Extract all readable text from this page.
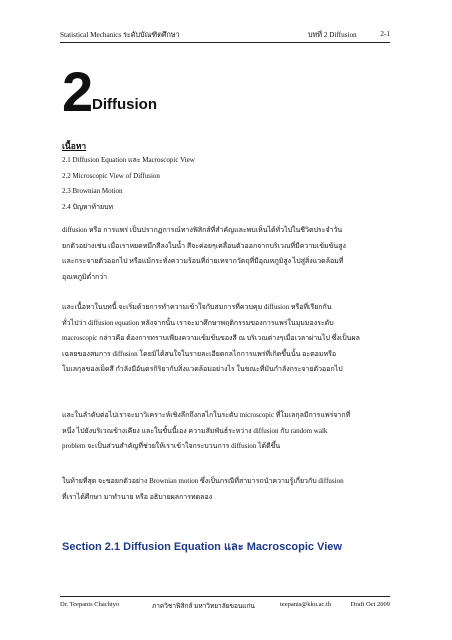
Statistical Mechanics ระดับบัณฑิตศึกษา	บทที่ 2 Diffusion	2-1
2 Diffusion
เนื้อหา
2.1 Diffusion Equation และ Macroscopic View
2.2 Microscopic View of Diffusion
2.3 Brownian Motion
2.4 ปัญหาท้ายบท
diffusion หรือ การแพร่ เป็นปรากฏการณ์ทางฟิสิกส์ที่สำคัญและพบเห็นได้ทั่วไปในชีวิตประจำวัน
ยกตัวอย่างเช่น เมื่อเราหยดหมึกสีลงในน้ำ สีจะค่อยๆเคลื่อนตัวออกจากบริเวณที่มีความเข้มข้นสูง
และกระจายตัวออกไป หรือแม้กระทั่งความร้อนที่ถ่ายเทจากวัตถุที่มีอุณหภูมิสูง ไปสู่สิ่งแวดล้อมที่
อุณหภูมิต่ำกว่า
และเนื้อหาในบทนี้ จะเริ่มด้วยการทำความเข้าใจกับสมการที่ควบคุม diffusion หรือที่เรียกกัน
ทั่วไปว่า diffusion equation หลังจากนั้น เราจะมาศึกษาพฤติกรรมของการแพร่ในมุมมองระดับ
macroscopic กล่าวคือ ต้องการทราบเพียงความเข้มข้นของสี ณ บริเวณต่างๆเมื่อเวลาผ่านไป ซึ่งเป็นผล
เฉลยของสมการ diffusion โดยมิได้สนใจในรายละเอียดกลไกการแพร่ที่เกิดขึ้นนั้น อะตอมหรือ
โมเลกุลของเม็ดสี กำลังมีอันตรกิริยากับสิ่งแวดล้อมอย่างไร ในขณะที่มันกำลังกระจายตัวออกไป
และในลำดับต่อไปเราจะมาวิเคราะห์เชิงลึกถึงกลไกในระดับ microscopic ที่โมเลกุลมีการแพร่จากที่
หนึ่ง ไปยังบริเวณข้างเคียง และในขั้นนี้เอง ความสัมพันธ์ระหว่าง diffusion กับ random walk
problem จะเป็นส่วนสำคัญที่ช่วยให้เราเข้าใจกระบวนการ diffusion ได้ดีขึ้น
ในท้ายที่สุด จะขอยกตัวอย่าง Brownian motion ซึ่งเป็นกรณีที่สามารถนำความรู้เกี่ยวกับ diffusion
ที่เราได้ศึกษา มาทำนาย หรือ อธิบายผลการทดลอง
Section 2.1 Diffusion Equation และ Macroscopic View
Dr. Teepanis Chachiyo	ภาควิชาฟิสิกส์ มหาวิทยาลัยขอนแก่น	teepanis@kku.ac.th	Draft Oct 2009
